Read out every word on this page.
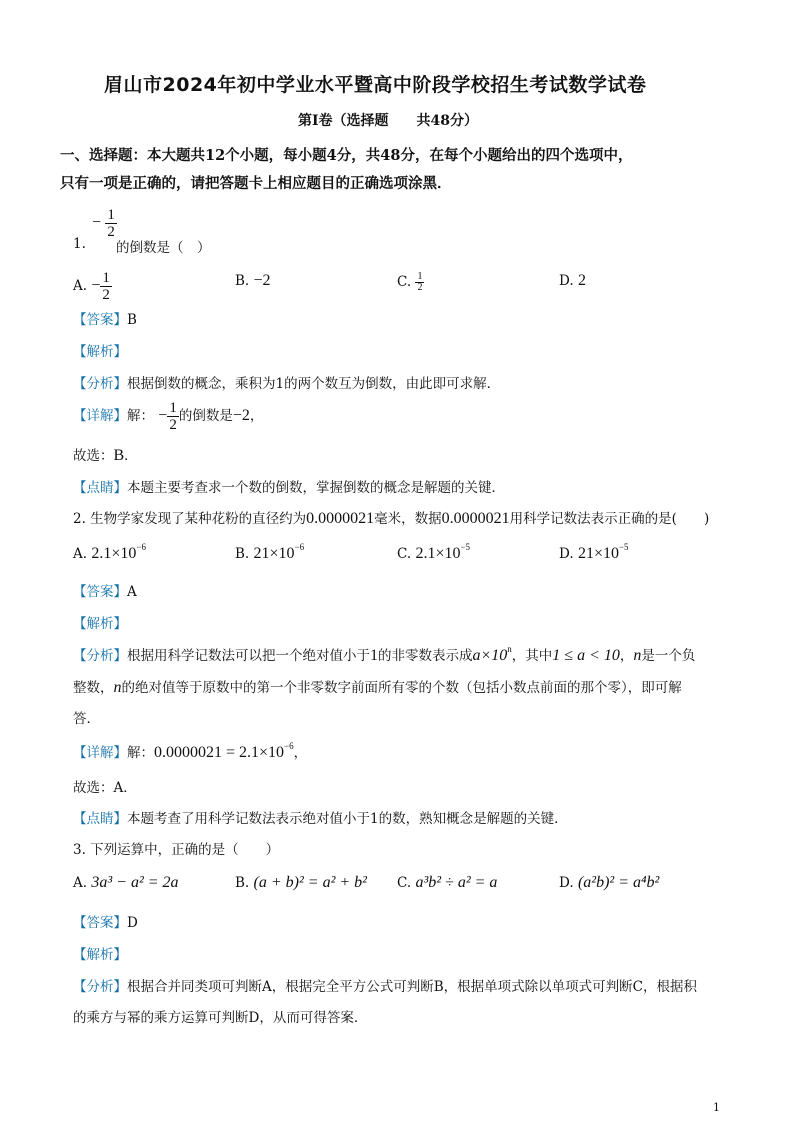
眉山市2024年初中学业水平暨高中阶段学校招生考试数学试卷
第Ⅰ卷（选择题　　共48分）
一、选择题：本大题共12个小题，每小题4分，共48分，在每个小题给出的四个选项中，
只有一项是正确的，请把答题卡上相应题目的正确选项涂黑．
1.
− $\frac{1}{2}$
的倒数是（　）
A. − $\frac{1}{2}$	B. −2	C. $\frac{1}{2}$	D. 2
【答案】B
【解析】
【分析】根据倒数的概念，乘积为1的两个数互为倒数，由此即可求解．
【详解】解： − $\frac{1}{2}$ 的倒数是−2，
故选：B．
【点睛】本题主要考查求一个数的倒数，掌握倒数的概念是解题的关键．
2. 生物学家发现了某种花粉的直径约为0.0000021毫米，数据0.0000021用科学记数法表示正确的是(　　)
A. $2.1\times 10^{-6}$	B. $21\times 10^{-6}$	C. $2.1\times 10^{-5}$	D. $21\times 10^{-5}$
【答案】A
【解析】
【分析】根据用科学记数法可以把一个绝对值小于1的非零数表示成$a\times 10^n$，其中1 ≤ a < 10，n是一个负
整数，n的绝对值等于原数中的第一个非零数字前面所有零的个数（包括小数点前面的那个零），即可解
答．
【详解】解：$0.0000021 = 2.1\times 10^{-6}$，
故选：A．
【点睛】本题考查了用科学记数法表示绝对值小于1的数，熟知概念是解题的关键．
3. 下列运算中，正确的是（　　）
A. 3a³ − a² = 2a	B. (a + b)² = a² + b² C. a³b² ÷ a² = a	D. (a²b)² = a⁴b²
【答案】D
【解析】
【分析】根据合并同类项可判断A，根据完全平方公式可判断B，根据单项式除以单项式可判断C，根据积
的乘方与幂的乘方运算可判断D，从而可得答案．
1
